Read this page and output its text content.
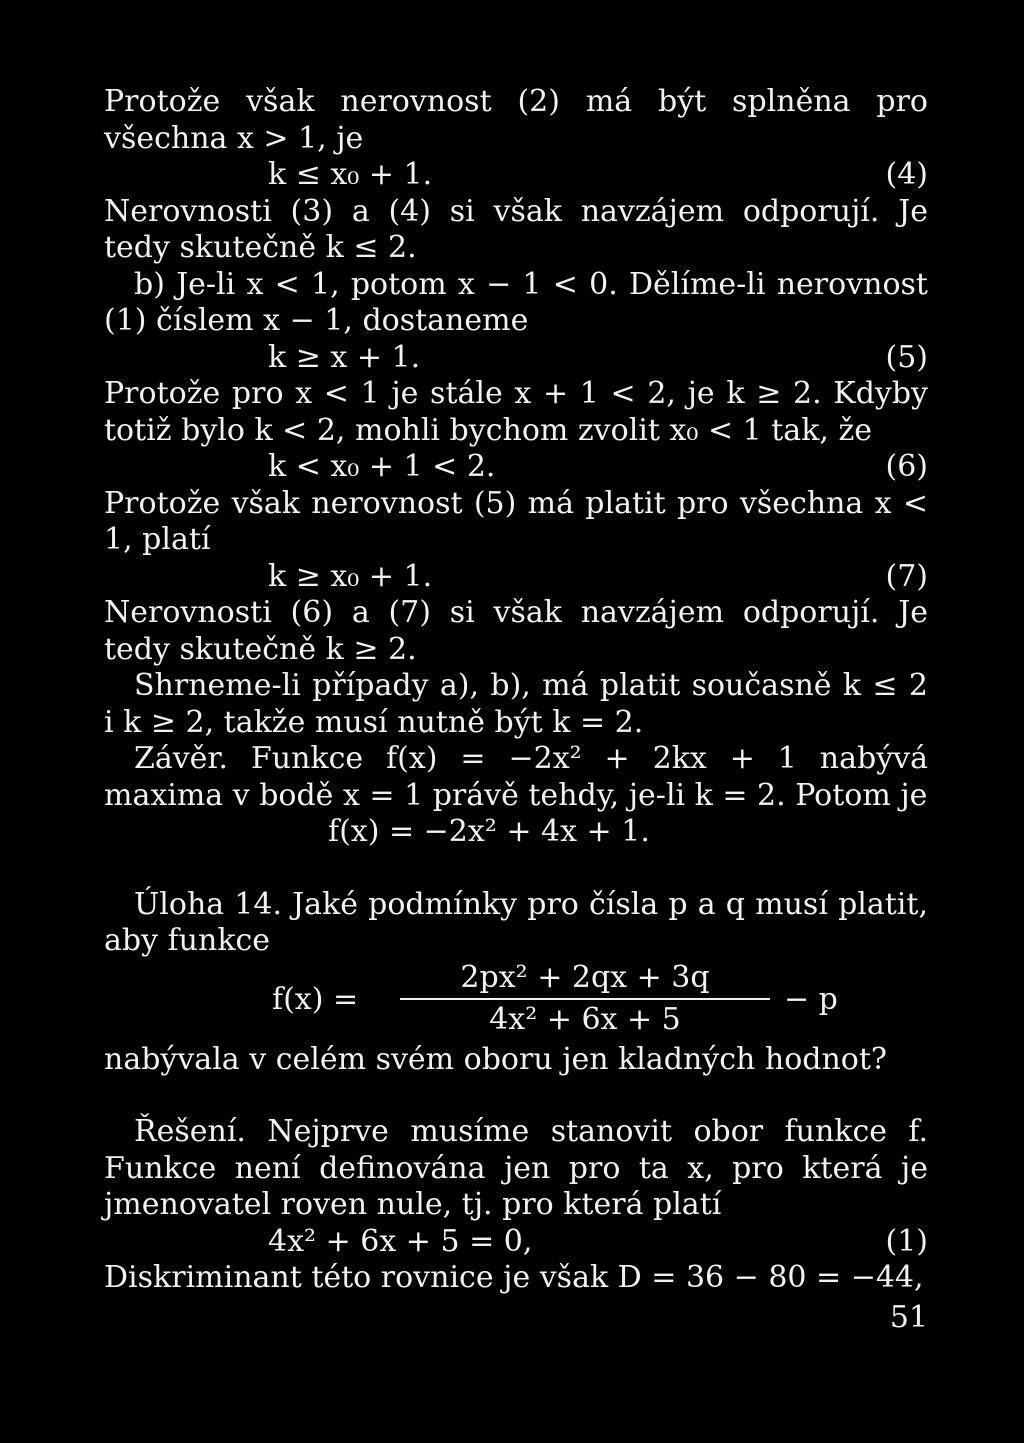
Protože však nerovnost (2) má být splněna pro všechna x > 1, je

k ≤ x₀ + 1.	(4)

Nerovnosti (3) a (4) si však navzájem odporují. Je tedy skutečně k ≤ 2.

b) Je-li x < 1, potom x − 1 < 0. Dělíme-li nerovnost (1) číslem x − 1, dostaneme

k ≥ x + 1.	(5)

Protože pro x < 1 je stále x + 1 < 2, je k ≥ 2. Kdyby totiž bylo k < 2, mohli bychom zvolit x₀ < 1 tak, že

k < x₀ + 1 < 2.	(6)

Protože však nerovnost (5) má platit pro všechna x < 1, platí

k ≥ x₀ + 1.	(7)

Nerovnosti (6) a (7) si však navzájem odporují. Je tedy skutečně k ≥ 2.

Shrneme-li případy a), b), má platit současně k ≤ 2 i k ≥ 2, takže musí nutně být k = 2.

Závěr. Funkce f(x) = −2x² + 2kx + 1 nabývá maxima v bodě x = 1 právě tehdy, je-li k = 2. Potom je

f(x) = −2x² + 4x + 1.

Úloha 14. Jaké podmínky pro čísla p a q musí platit, aby funkce

$f(x) = \frac{\text{2px² + 2qx + 3q}}{\text{4x² + 6x + 5}} - p$

nabývala v celém svém oboru jen kladných hodnot?

Řešení. Nejprve musíme stanovit obor funkce f. Funkce není definována jen pro ta x, pro která je jmenovatel roven nule, tj. pro která platí

4x² + 6x + 5 = 0,	(1)

Diskriminant této rovnice je však D = 36 − 80 = −44,

51
